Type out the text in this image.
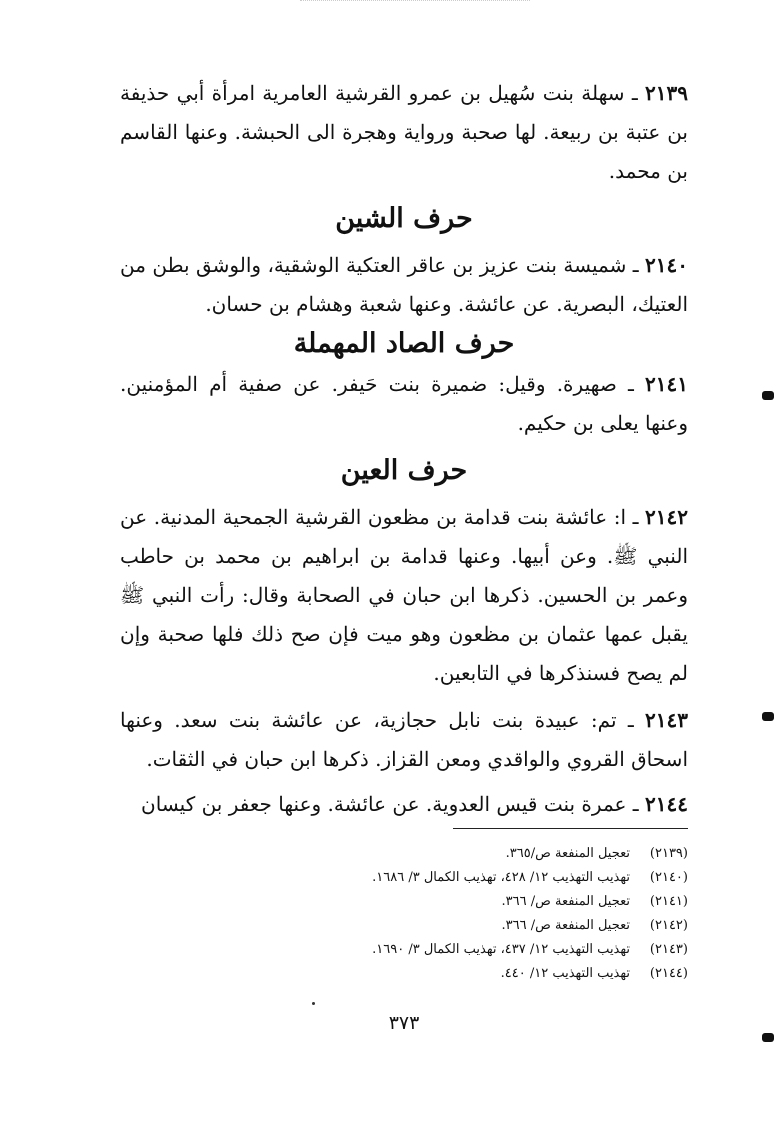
٢١٣٩ ـ سهلة بنت سُهيل بن عمرو القرشية العامرية امرأة أبي حذيفة بن عتبة بن ربيعة. لها صحبة ورواية وهجرة الى الحبشة. وعنها القاسم بن محمد.

حرف الشين

٢١٤٠ ـ شميسة بنت عزيز بن عاقر العتكية الوشقية، والوشق بطن من العتيك، البصرية. عن عائشة. وعنها شعبة وهشام بن حسان.

حرف الصاد المهملة

٢١٤١ ـ صهيرة. وقيل: ضميرة بنت حَيفر. عن صفية أم المؤمنين. وعنها يعلى بن حكيم.

حرف العين

٢١٤٢ ـ ا: عائشة بنت قدامة بن مظعون القرشية الجمحية المدنية. عن النبي ﷺ. وعن أبيها. وعنها قدامة بن ابراهيم بن محمد بن حاطب وعمر بن الحسين. ذكرها ابن حبان في الصحابة وقال: رأت النبي ﷺ يقبل عمها عثمان بن مظعون وهو ميت فإن صح ذلك فلها صحبة وإن لم يصح فسنذكرها في التابعين.

٢١٤٣ ـ تم: عبيدة بنت نابل حجازية، عن عائشة بنت سعد. وعنها اسحاق القروي والواقدي ومعن القزاز. ذكرها ابن حبان في الثقات.

٢١٤٤ ـ عمرة بنت قيس العدوية. عن عائشة. وعنها جعفر بن كيسان

(٢١٣٩)تعجيل المنفعة ص/٣٦٥.
(٢١٤٠)تهذيب التهذيب ١٢/ ٤٢٨، تهذيب الكمال ٣/ ١٦٨٦.
(٢١٤١)تعجيل المنفعة ص/ ٣٦٦.
(٢١٤٢)تعجيل المنفعة ص/ ٣٦٦.
(٢١٤٣)تهذيب التهذيب ١٢/ ٤٣٧، تهذيب الكمال ٣/ ١٦٩٠.
(٢١٤٤)تهذيب التهذيب ١٢/ ٤٤٠.
٣٧٣
